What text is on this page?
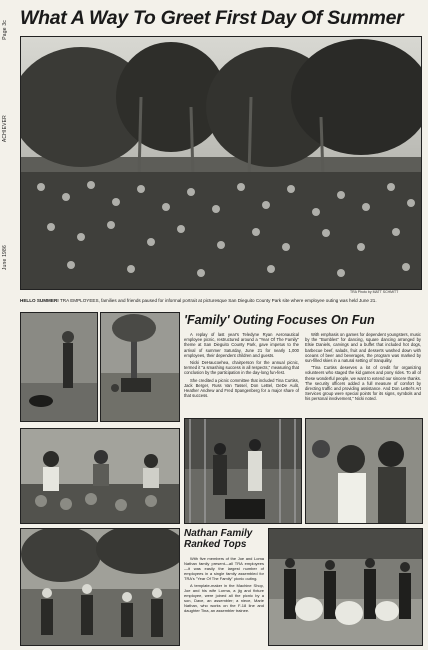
Page 3c
ACHIEVER
June 1986
What A Way To Greet First Day Of Summer
TRA Photo by MATT SCHMITT
HELLO SUMMER! TRA EMPLOYEES, families and friends paused for informal portrait at picturesque San Dieguito County Park site where employee outing was held June 21.
'Family' Outing Focuses On Fun

A replay of last year's Teledyne Ryan Aeronautical employee picnic, restructured around a "Year Of The Family" theme at San Dieguito County Park, gave impetus to the arrival of summer Saturday, June 21 for nearly 1,000 employees, their dependent children and guests.

Nicki DeHaucoehea, chairperson for the annual picnic, termed it "a smashing success in all respects," measuring that conclusion by the participation in the day-long fun-fest.

She credited a picnic committee that included Tina Curtiss, Jack Berger, Russ Van Tassel, Don LeBel, DeDe Aulit, Heather Andrew and Fred Spangenberg for a major share of that success.

With emphasis on games for dependent youngsters, music by the "Bumbles" for dancing, square dancing arranged by Elsie Daniels, carvings and a buffet that included hot dogs, barbecue beef, salads, fruit and desserts washed down with oceans of beer and beverages, the program was marked by sun-filled skies in a natural setting of tranquility.

"Tina Curtiss deserves a lot of credit for organizing volunteers who staged the kid games and pony rides. To all of these wonderful people, we want to extend our sincere thanks. The security officers added a full measure of comfort by directing traffic and providing assistance. And Don LeBel's Art Services group were special points for its signs, symbols and his personal involvement," Nicki noted.

Nathan Family Ranked Tops

With five members of the Joe and Loma Nathan family present—all TRA employees—it was easily the largest number of employees in a single family assembled for TRA's "Year Of The Family" picnic outing.

A template-maker in the Machine Shop, Joe and his wife Lorma, a jig and fixture employee, were joined all the picnic by a son, Dave, an assembler; a niece, Marie Nathan, who works on the F-18 line and daughter Tina, an assembler trainee.
